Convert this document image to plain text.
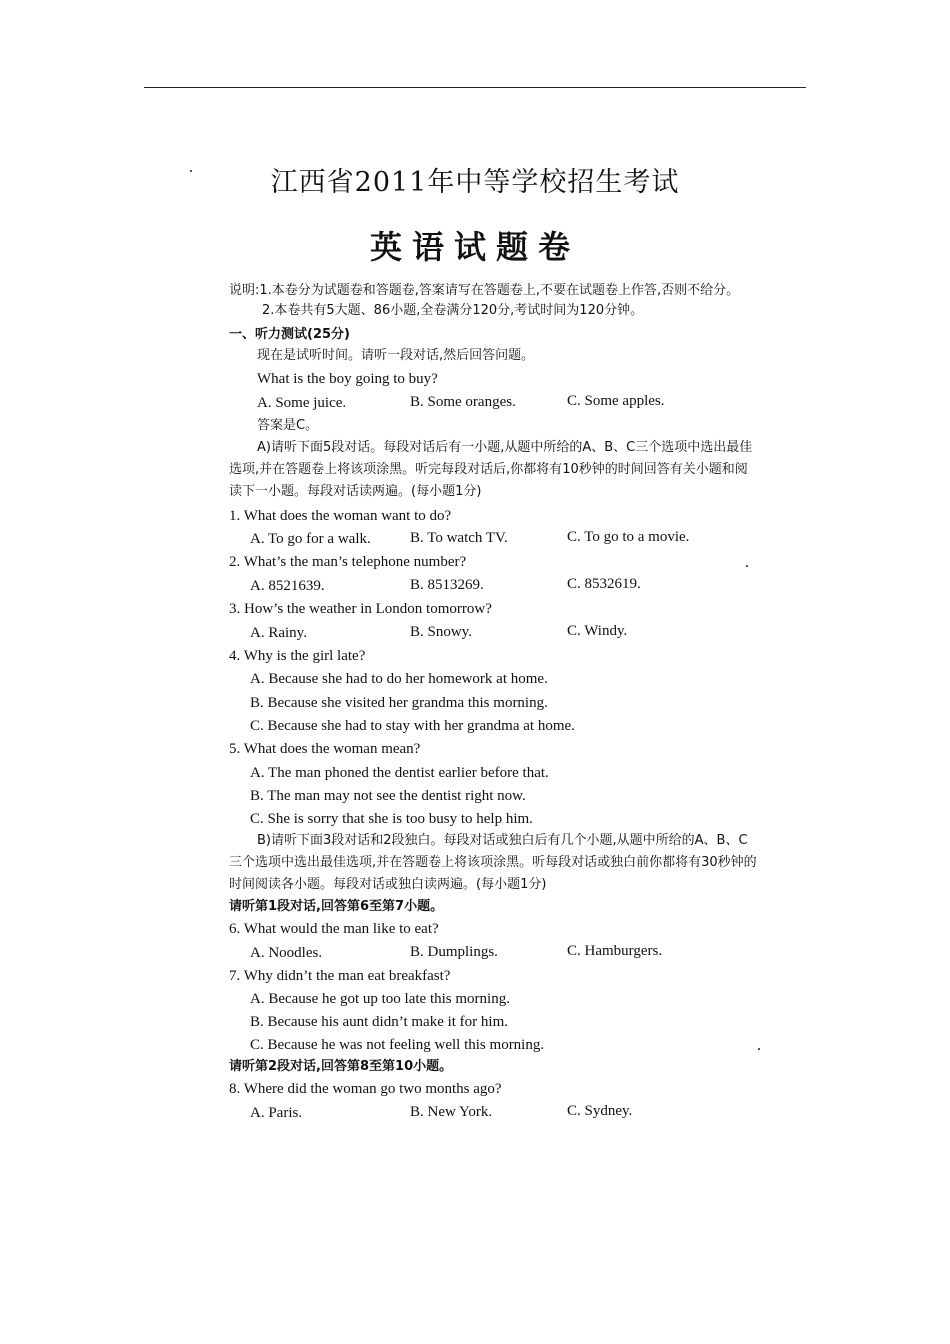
江西省2011年中等学校招生考试
英语试题卷
说明:1.本卷分为试题卷和答题卷,答案请写在答题卷上,不要在试题卷上作答,否则不给分。
2.本卷共有5大题、86小题,全卷满分120分,考试时间为120分钟。
一、听力测试(25分)
现在是试听时间。请听一段对话,然后回答问题。
What is the boy going to buy?
A. Some juice.	B. Some oranges.	C. Some apples.
答案是C。
A)请听下面5段对话。每段对话后有一小题,从题中所给的A、B、C三个选项中选出最佳
选项,并在答题卷上将该项涂黑。听完每段对话后,你都将有10秒钟的时间回答有关小题和阅
读下一小题。每段对话读两遍。(每小题1分)
1. What does the woman want to do?
A. To go for a walk.	B. To watch TV.	C. To go to a movie.
2. What’s the man’s telephone number?
A. 8521639.	B. 8513269.	C. 8532619.
3. How’s the weather in London tomorrow?
A. Rainy.	B. Snowy.	C. Windy.
4. Why is the girl late?
A. Because she had to do her homework at home.
B. Because she visited her grandma this morning.
C. Because she had to stay with her grandma at home.
5. What does the woman mean?
A. The man phoned the dentist earlier before that.
B. The man may not see the dentist right now.
C. She is sorry that she is too busy to help him.
B)请听下面3段对话和2段独白。每段对话或独白后有几个小题,从题中所给的A、B、C
三个选项中选出最佳选项,并在答题卷上将该项涂黑。听每段对话或独白前你都将有30秒钟的
时间阅读各小题。每段对话或独白读两遍。(每小题1分)
请听第1段对话,回答第6至第7小题。
6. What would the man like to eat?
A. Noodles.	B. Dumplings.	C. Hamburgers.
7. Why didn’t the man eat breakfast?
A. Because he got up too late this morning.
B. Because his aunt didn’t make it for him.
C. Because he was not feeling well this morning.
请听第2段对话,回答第8至第10小题。
8. Where did the woman go two months ago?
A. Paris.	B. New York.	C. Sydney.
